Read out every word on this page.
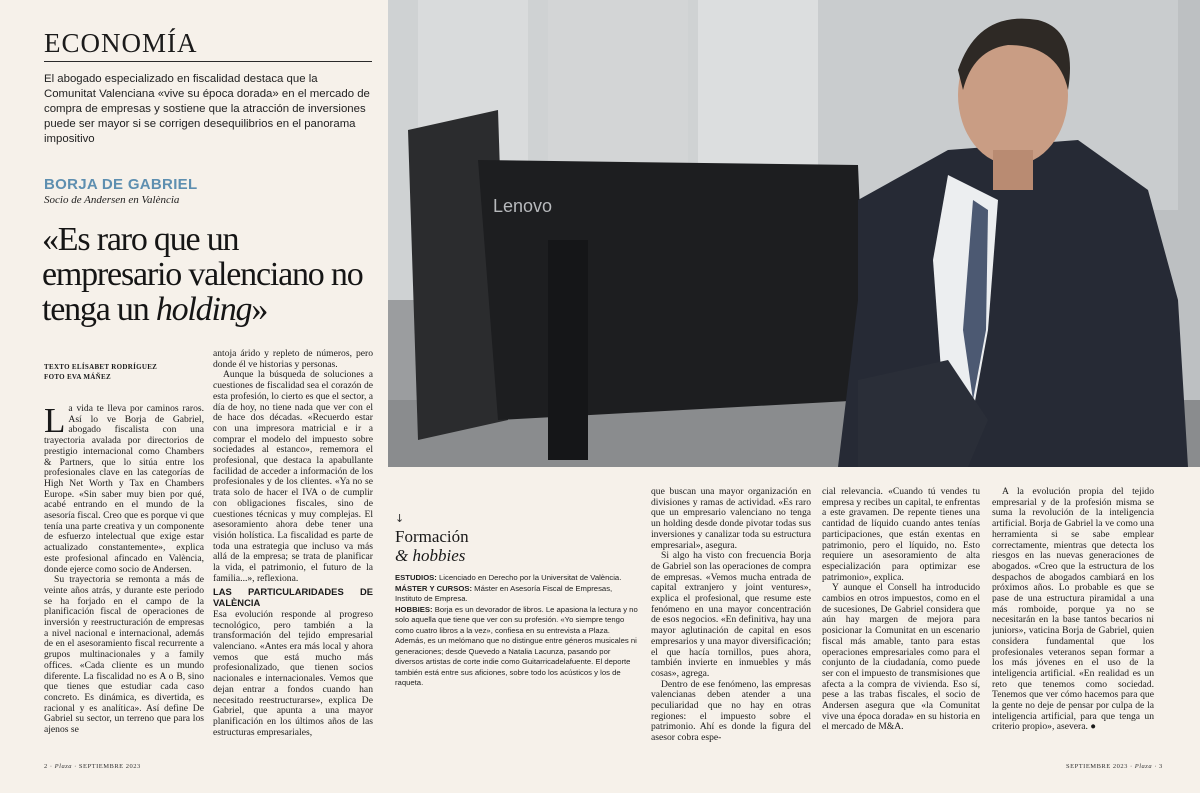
ECONOMÍA
El abogado especializado en fiscalidad destaca que la Comunitat Valenciana «vive su época dorada» en el mercado de compra de empresas y sostiene que la atracción de inversiones puede ser mayor si se corrigen desequilibrios en el panorama impositivo
BORJA DE GABRIEL
Socio de Andersen en València
«Es raro que un empresario valenciano no tenga un holding»
TEXTO ELÍSABET RODRÍGUEZ
FOTO EVA MÁÑEZ

La vida te lleva por caminos raros. Así lo ve Borja de Gabriel, abogado fiscalista con una trayectoria avalada por directorios de prestigio internacional como Chambers & Partners, que lo sitúa entre los profesionales clave en las categorías de High Net Worth y Tax en Chambers Europe. «Sin saber muy bien por qué, acabé entrando en el mundo de la asesoría fiscal. Creo que es porque vi que tenía una parte creativa y un componente de esfuerzo intelectual que exige estar actualizado constantemente», explica este profesional afincado en València, donde ejerce como socio de Andersen.

Su trayectoria se remonta a más de veinte años atrás, y durante este periodo se ha forjado en el campo de la planificación fiscal de operaciones de inversión y reestructuración de empresas a nivel nacional e internacional, además de en el asesoramiento fiscal recurrente a grupos multinacionales y a family offices. «Cada cliente es un mundo diferente. La fiscalidad no es A o B, sino que tienes que estudiar cada caso concreto. Es dinámica, es divertida, es racional y es analítica». Así define De Gabriel su sector, un terreno que para los ajenos se

antoja árido y repleto de números, pero donde él ve historias y personas.

Aunque la búsqueda de soluciones a cuestiones de fiscalidad sea el corazón de esta profesión, lo cierto es que el sector, a día de hoy, no tiene nada que ver con el de hace dos décadas. «Recuerdo estar con una impresora matricial e ir a comprar el modelo del impuesto sobre sociedades al estanco», rememora el profesional, que destaca la apabullante facilidad de acceder a información de los profesionales y de los clientes. «Ya no se trata solo de hacer el IVA o de cumplir con obligaciones fiscales, sino de cuestiones técnicas y muy complejas. El asesoramiento ahora debe tener una visión holística. La fiscalidad es parte de toda una estrategia que incluso va más allá de la empresa; se trata de planificar la vida, el patrimonio, el futuro de la familia...», reflexiona.

LAS PARTICULARIDADES DE VALÈNCIA

Esa evolución responde al progreso tecnológico, pero también a la transformación del tejido empresarial valenciano. «Antes era más local y ahora vemos que está mucho más profesionalizado, que tienen socios nacionales e internacionales. Vemos que dejan entrar a fondos cuando han necesitado reestructurarse», explica De Gabriel, que apunta a una mayor planificación en los últimos años de las estructuras empresariales,

Lenovo
↓
Formación
& hobbies
ESTUDIOS: Licenciado en Derecho por la Universitat de València. MÁSTER Y CURSOS: Máster en Asesoría Fiscal de Empresas, Instituto de Empresa.
HOBBIES: Borja es un devorador de libros. Le apasiona la lectura y no solo aquella que tiene que ver con su profesión. «Yo siempre tengo como cuatro libros a la vez», confiesa en su entrevista a Plaza. Además, es un melómano que no distingue entre géneros musicales ni generaciones; desde Quevedo a Natalia Lacunza, pasando por diversos artistas de corte indie como Guitarricadelafuente. El deporte también está entre sus aficiones, sobre todo los acústicos y los de raqueta.

que buscan una mayor organización en divisiones y ramas de actividad. «Es raro que un empresario valenciano no tenga un holding desde donde pivotar todas sus inversiones y canalizar toda su estructura empresarial», asegura.

Si algo ha visto con frecuencia Borja de Gabriel son las operaciones de compra de empresas. «Vemos mucha entrada de capital extranjero y joint ventures», explica el profesional, que resume este fenómeno en una mayor concentración de esos negocios. «En definitiva, hay una mayor aglutinación de capital en esos empresarios y una mayor diversificación; el que hacía tornillos, pues ahora, también invierte en inmuebles y más cosas», agrega.

Dentro de ese fenómeno, las empresas valencianas deben atender a una peculiaridad que no hay en otras regiones: el impuesto sobre el patrimonio. Ahí es donde la figura del asesor cobra espe-

cial relevancia. «Cuando tú vendes tu empresa y recibes un capital, te enfrentas a este gravamen. De repente tienes una cantidad de líquido cuando antes tenías participaciones, que están exentas en patrimonio, pero el líquido, no. Esto requiere un asesoramiento de alta especialización para optimizar ese patrimonio», explica.

Y aunque el Consell ha introducido cambios en otros impuestos, como en el de sucesiones, De Gabriel considera que aún hay margen de mejora para posicionar la Comunitat en un escenario fiscal más amable, tanto para estas operaciones empresariales como para el conjunto de la ciudadanía, como puede ser con el impuesto de transmisiones que afecta a la compra de vivienda. Eso sí, pese a las trabas fiscales, el socio de Andersen asegura que «la Comunitat vive una época dorada» en su historia en el mercado de M&A.

A la evolución propia del tejido empresarial y de la profesión misma se suma la revolución de la inteligencia artificial. Borja de Gabriel la ve como una herramienta si se sabe emplear correctamente, mientras que detecta los riesgos en las nuevas generaciones de abogados. «Creo que la estructura de los despachos de abogados cambiará en los próximos años. Lo probable es que se pase de una estructura piramidal a una más romboide, porque ya no se necesitarán en la base tantos becarios ni juniors», vaticina Borja de Gabriel, quien considera fundamental que los profesionales veteranos sepan formar a los más jóvenes en el uso de la inteligencia artificial. «En realidad es un reto que tenemos como sociedad. Tenemos que ver cómo hacemos para que la gente no deje de pensar por culpa de la inteligencia artificial, para que tenga un criterio propio», asevera. ●

2 · Plaza · SEPTIEMBRE 2023	SEPTIEMBRE 2023 · Plaza · 3
